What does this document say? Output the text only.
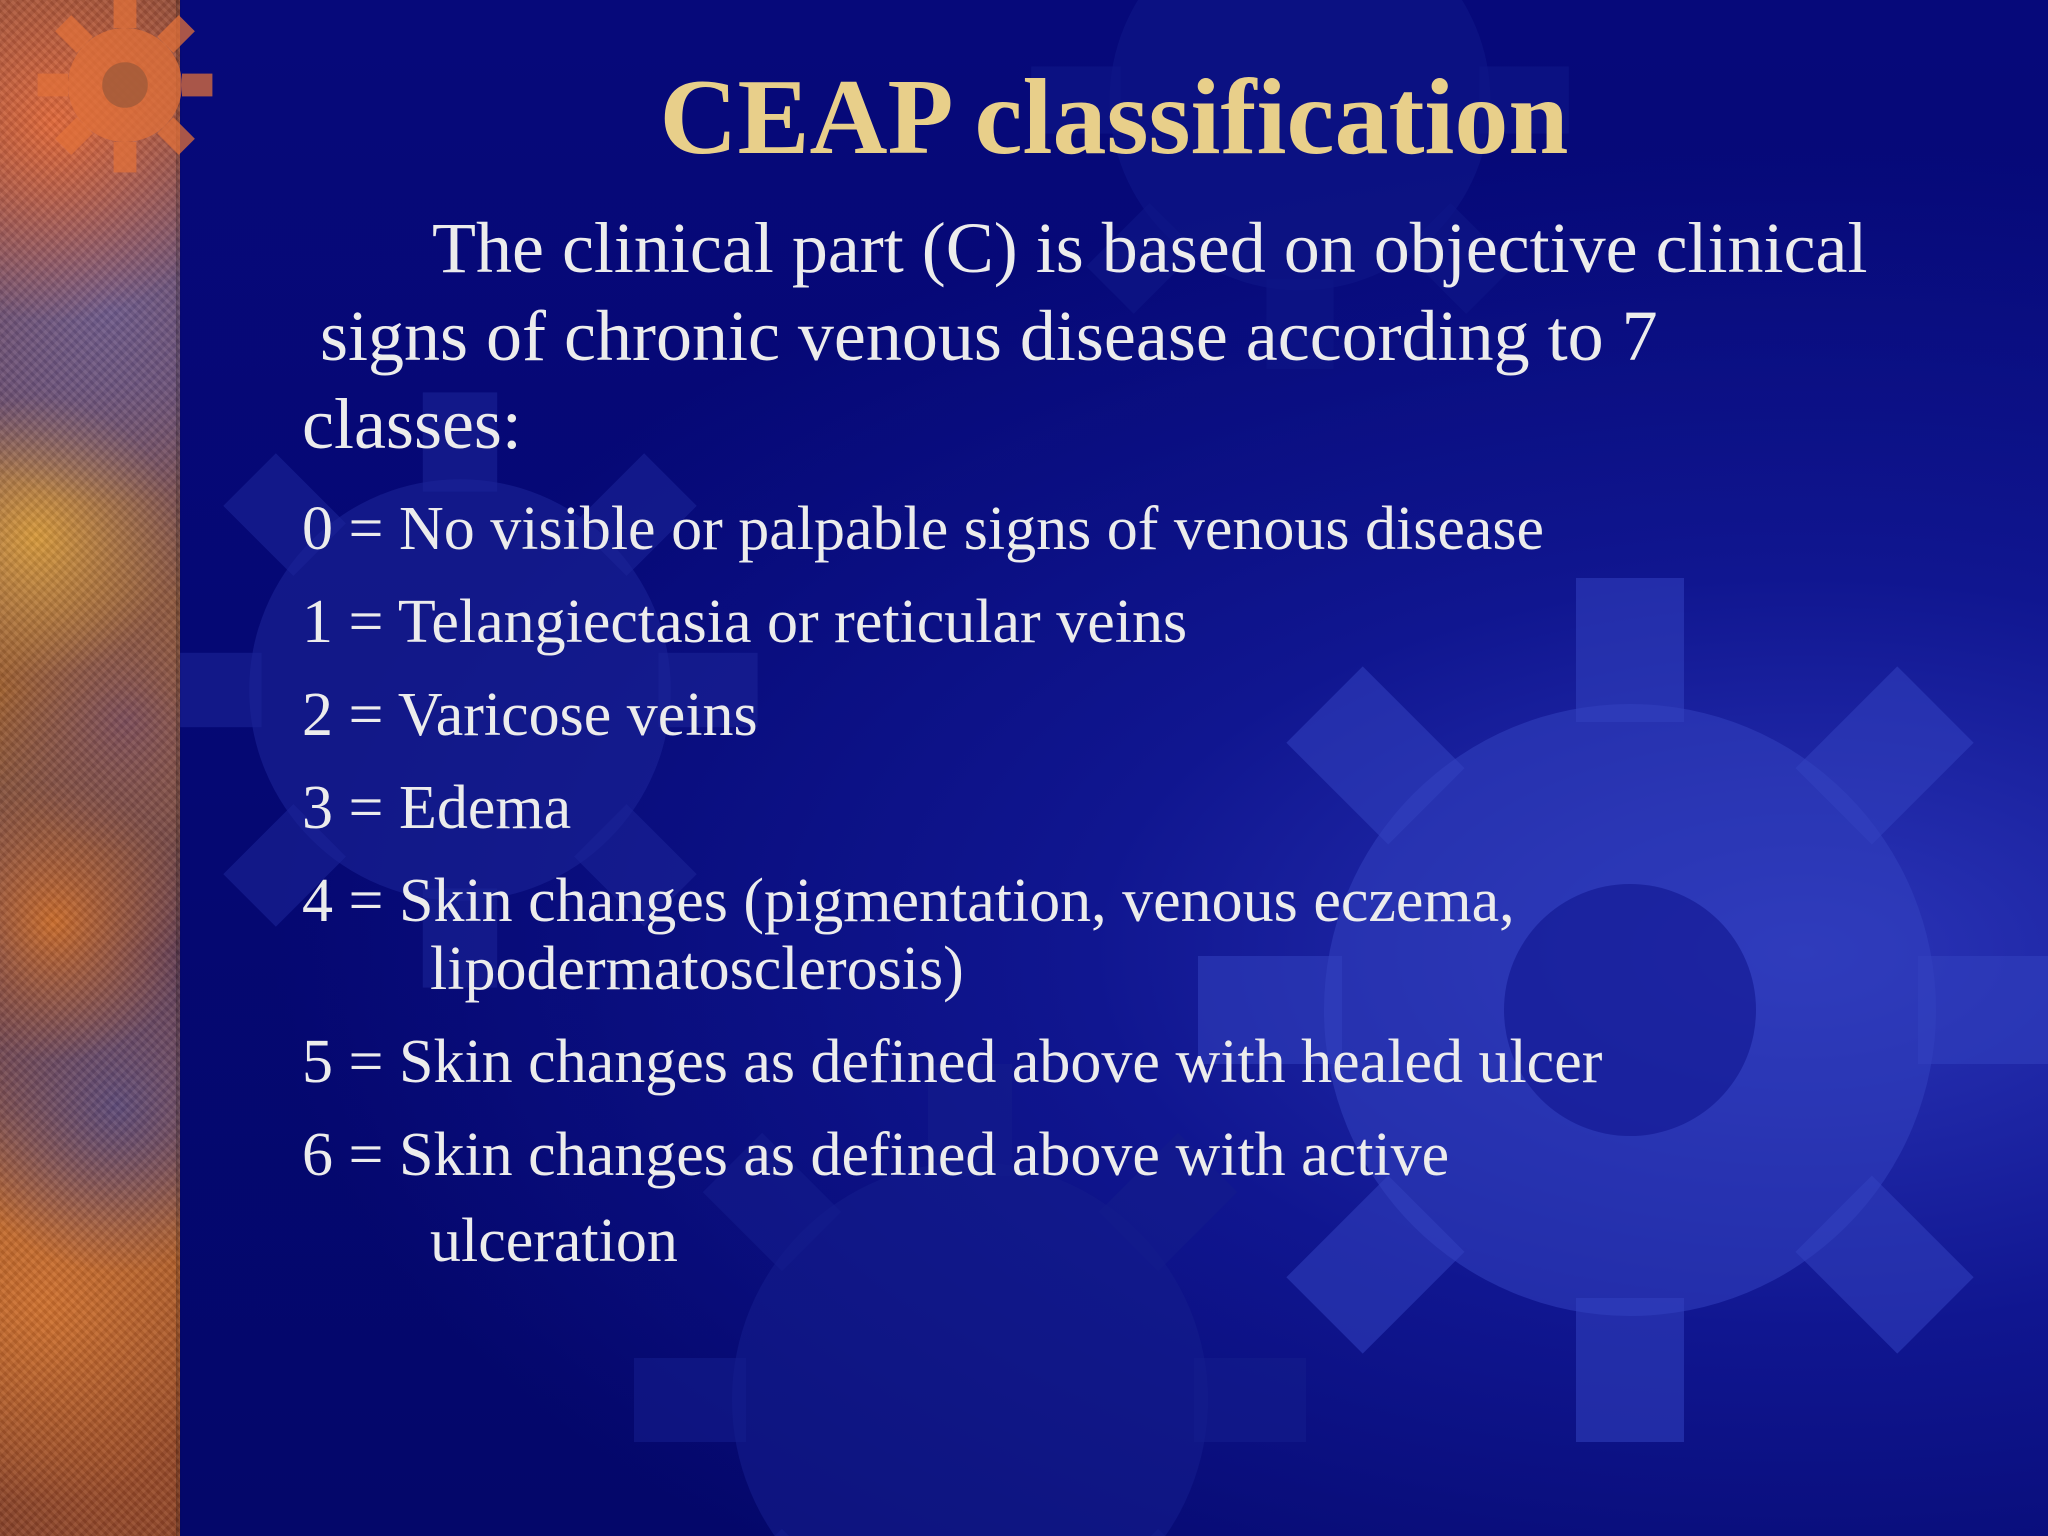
CEAP classification
The clinical part (C) is based on objective clinical
signs of chronic venous disease according to 7
classes:
0 = No visible or palpable signs of venous disease
1 = Telangiectasia or reticular veins
2 = Varicose veins
3 = Edema
4 = Skin changes (pigmentation, venous eczema,
lipodermatosclerosis)
5 = Skin changes as defined above with healed ulcer
6 = Skin changes as defined above with active
ulceration
